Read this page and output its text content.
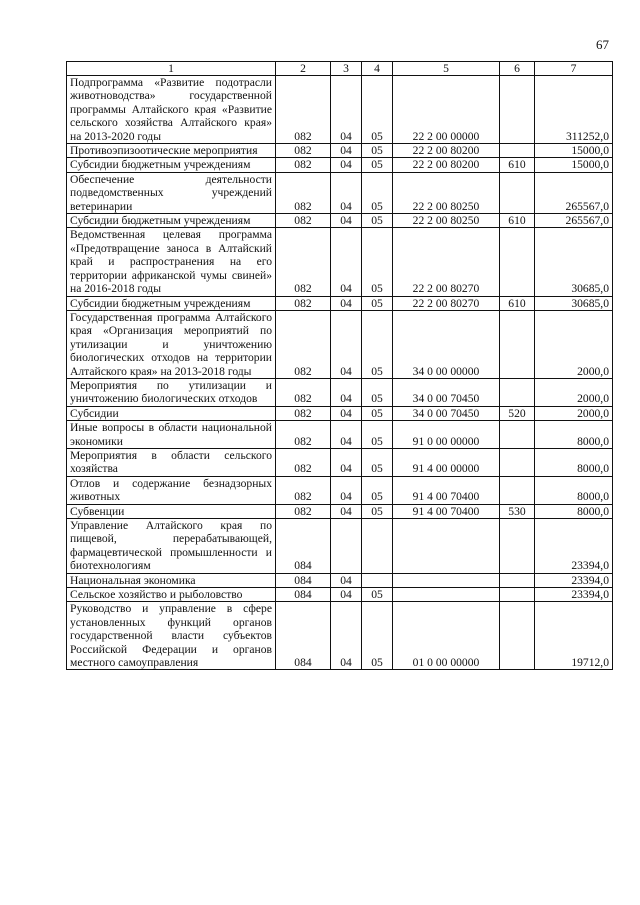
67
1	2	3	4	5	6	7
Подпрограмма «Развитие подотрасли животноводства» государственной программы Алтайского края «Развитие сельского хозяйства Алтайского края» на 2013-2020 годы	082	04	05	22 2 00 00000		311252,0
Противоэпизоотические мероприятия	082	04	05	22 2 00 80200		15000,0
Субсидии бюджетным учреждениям	082	04	05	22 2 00 80200	610	15000,0
Обеспечение деятельности подведомственных учреждений ветеринарии	082	04	05	22 2 00 80250		265567,0
Субсидии бюджетным учреждениям	082	04	05	22 2 00 80250	610	265567,0
Ведомственная целевая программа «Предотвращение заноса в Алтайский край и распространения на его территории африканской чумы свиней» на 2016-2018 годы	082	04	05	22 2 00 80270		30685,0
Субсидии бюджетным учреждениям	082	04	05	22 2 00 80270	610	30685,0
Государственная программа Алтайского края «Организация мероприятий по утилизации и уничтожению биологических отходов на территории Алтайского края» на 2013-2018 годы	082	04	05	34 0 00 00000		2000,0
Мероприятия по утилизации и уничтожению биологических отходов	082	04	05	34 0 00 70450		2000,0
Субсидии	082	04	05	34 0 00 70450	520	2000,0
Иные вопросы в области национальной экономики	082	04	05	91 0 00 00000		8000,0
Мероприятия в области сельского хозяйства	082	04	05	91 4 00 00000		8000,0
Отлов и содержание безнадзорных животных	082	04	05	91 4 00 70400		8000,0
Субвенции	082	04	05	91 4 00 70400	530	8000,0
Управление Алтайского края по пищевой, перерабатывающей, фармацевтической промышленности и биотехнологиям	084					23394,0
Национальная экономика	084	04				23394,0
Сельское хозяйство и рыболовство	084	04	05			23394,0
Руководство и управление в сфере установленных функций органов государственной власти субъектов Российской Федерации и органов местного самоуправления	084	04	05	01 0 00 00000		19712,0
